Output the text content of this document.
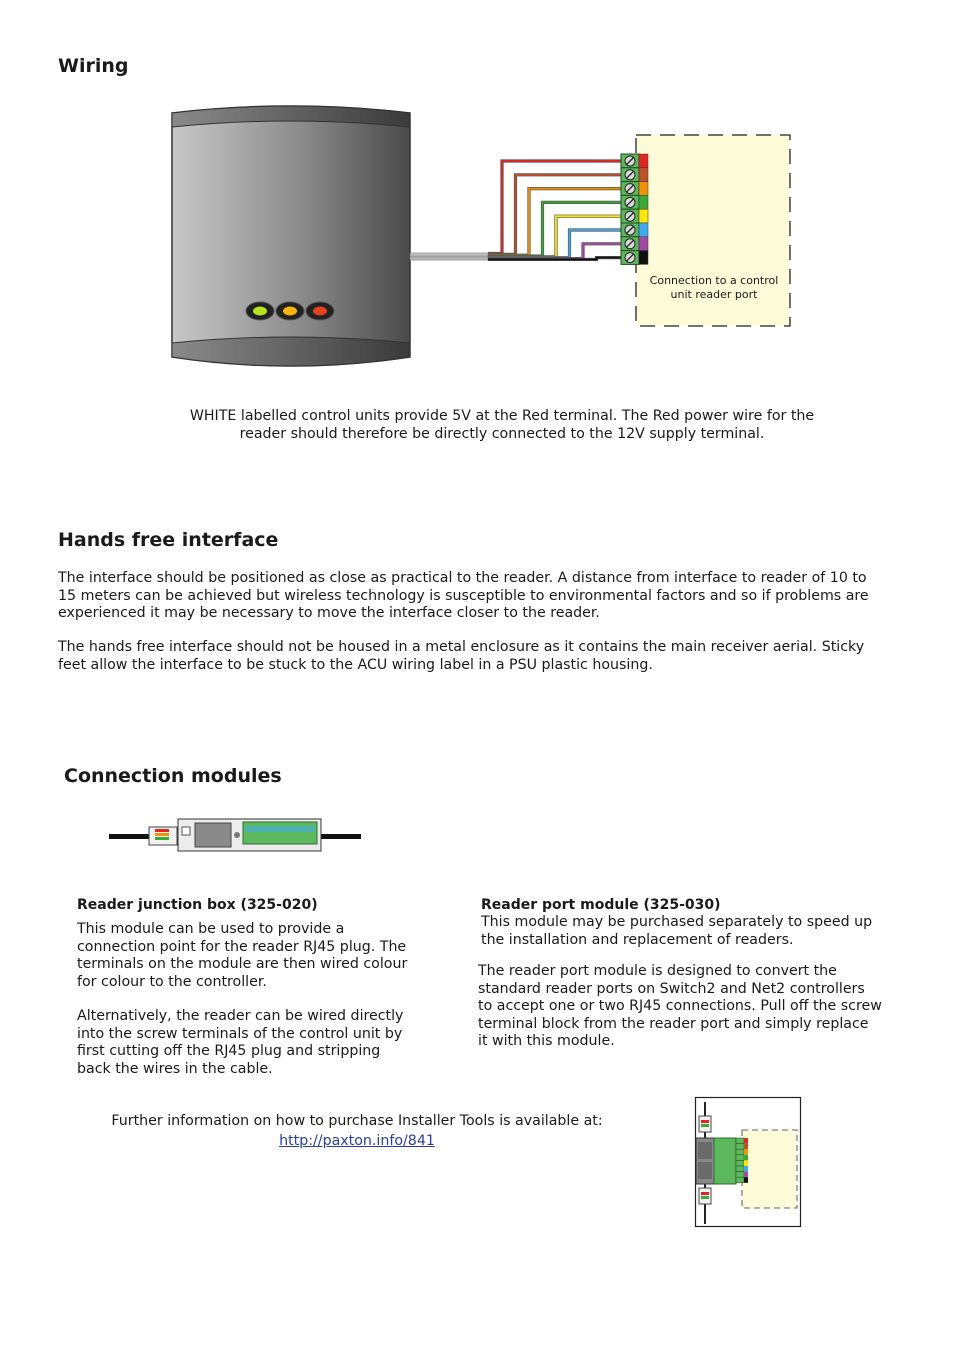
Wiring
Connection to a control unit reader port

WHITE labelled control units provide 5V at the Red terminal. The Red power wire for the reader should therefore be directly connected to the 12V supply terminal.

Hands free interface

The interface should be positioned as close as practical to the reader. A distance from interface to reader of 10 to 15 meters can be achieved but wireless technology is susceptible to environmental factors and so if problems are experienced it may be necessary to move the interface closer to the reader.

The hands free interface should not be housed in a metal enclosure as it contains the main receiver aerial. Sticky feet allow the interface to be stuck to the ACU wiring label in a PSU plastic housing.

Connection modules
Reader junction box (325-020)

This module can be used to provide a connection point for the reader RJ45 plug. The terminals on the module are then wired colour for colour to the controller.

Alternatively, the reader can be wired directly into the screw terminals of the control unit by first cutting off the RJ45 plug and stripping back the wires in the cable.

Reader port module (325-030)

This module may be purchased separately to speed up the installation and replacement of readers.

The reader port module is designed to convert the standard reader ports on Switch2 and Net2 controllers to accept one or two RJ45 connections. Pull off the screw terminal block from the reader port and simply replace it with this module.

Further information on how to purchase Installer Tools is available at:

http://paxton.info/841
